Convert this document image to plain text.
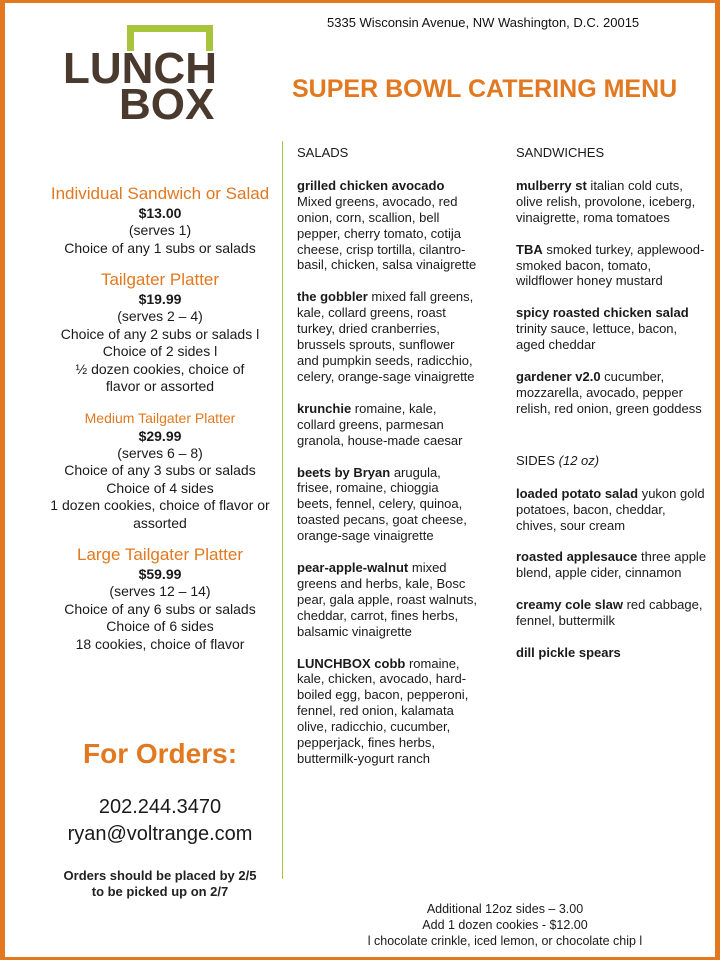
5335 Wisconsin Avenue, NW Washington, D.C. 20015
LUNCH
BOX	SUPER BOWL CATERING MENU
Individual Sandwich or Salad
$13.00
(serves 1)
Choice of any 1 subs or salads
Tailgater Platter
$19.99
(serves 2 – 4)
Choice of any 2 subs or salads l
Choice of 2 sides l
½ dozen cookies, choice of
flavor or assorted
Medium Tailgater Platter
$29.99
(serves 6 – 8)
Choice of any 3 subs or salads
Choice of 4 sides
1 dozen cookies, choice of flavor or
assorted
Large Tailgater Platter
$59.99
(serves 12 – 14)
Choice of any 6 subs or salads
Choice of 6 sides
18 cookies, choice of flavor
For Orders:
202.244.3470
ryan@voltrange.com
Orders should be placed by 2/5
to be picked up on 2/7
SALADS
grilled chicken avocado
Mixed greens, avocado, red onion, corn, scallion, bell pepper, cherry tomato, cotija cheese, crisp tortilla, cilantro-basil, chicken, salsa vinaigrette
the gobbler mixed fall greens, kale, collard greens, roast turkey, dried cranberries, brussels sprouts, sunflower and pumpkin seeds, radicchio, celery, orange-sage vinaigrette
krunchie romaine, kale, collard greens, parmesan granola, house-made caesar
beets by Bryan arugula, frisee, romaine, chioggia beets, fennel, celery, quinoa, toasted pecans, goat cheese, orange-sage vinaigrette
pear-apple-walnut mixed greens and herbs, kale, Bosc pear, gala apple, roast walnuts, cheddar, carrot, fines herbs, balsamic vinaigrette
LUNCHBOX cobb romaine, kale, chicken, avocado, hard- boiled egg, bacon, pepperoni, fennel, red onion, kalamata olive, radicchio, cucumber, pepperjack, fines herbs, buttermilk-yogurt ranch
SANDWICHES
mulberry st italian cold cuts, olive relish, provolone, iceberg, vinaigrette, roma tomatoes
TBA smoked turkey, applewood-smoked bacon, tomato, wildflower honey mustard
spicy roasted chicken salad trinity sauce, lettuce, bacon, aged cheddar
gardener v2.0 cucumber, mozzarella, avocado, pepper relish, red onion, green goddess
SIDES (12 oz)
loaded potato salad yukon gold potatoes, bacon, cheddar, chives, sour cream
roasted applesauce three apple blend, apple cider, cinnamon
creamy cole slaw red cabbage, fennel, buttermilk
dill pickle spears
Additional 12oz sides – 3.00
Add 1 dozen cookies - $12.00
l chocolate crinkle, iced lemon, or chocolate chip l
